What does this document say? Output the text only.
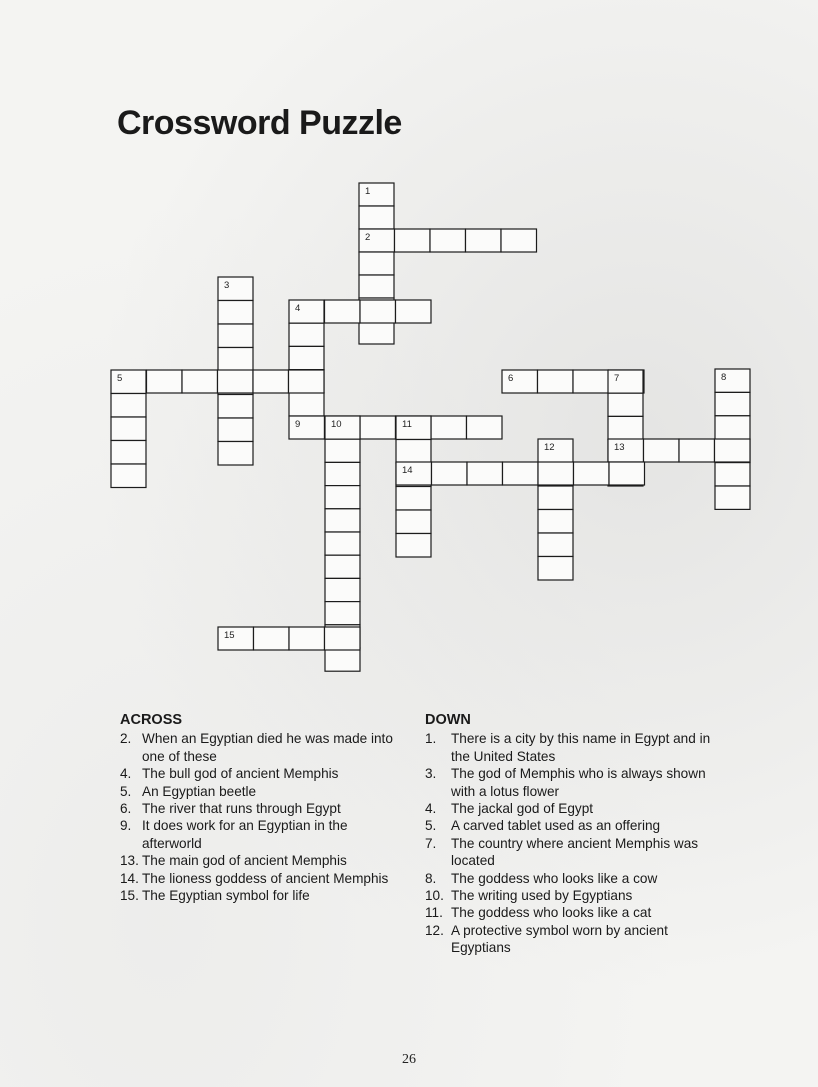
Crossword Puzzle
1
2
3
4
5	6	7	8
9	10	11
12	13
14
15
ACROSS
2. When an Egyptian died he was made into one of these
4. The bull god of ancient Memphis
5. An Egyptian beetle
6. The river that runs through Egypt
9. It does work for an Egyptian in the afterworld
13. The main god of ancient Memphis
14. The lioness goddess of ancient Memphis
15. The Egyptian symbol for life
DOWN
1.	There is a city by this name in Egypt and in the United States
3.	The god of Memphis who is always shown with a lotus flower
4.	The jackal god of Egypt
5.	A carved tablet used as an offering
7.	The country where ancient Memphis was located
8.	The goddess who looks like a cow
10. The writing used by Egyptians
11. The goddess who looks like a cat
12. A protective symbol worn by ancient Egyptians
26
